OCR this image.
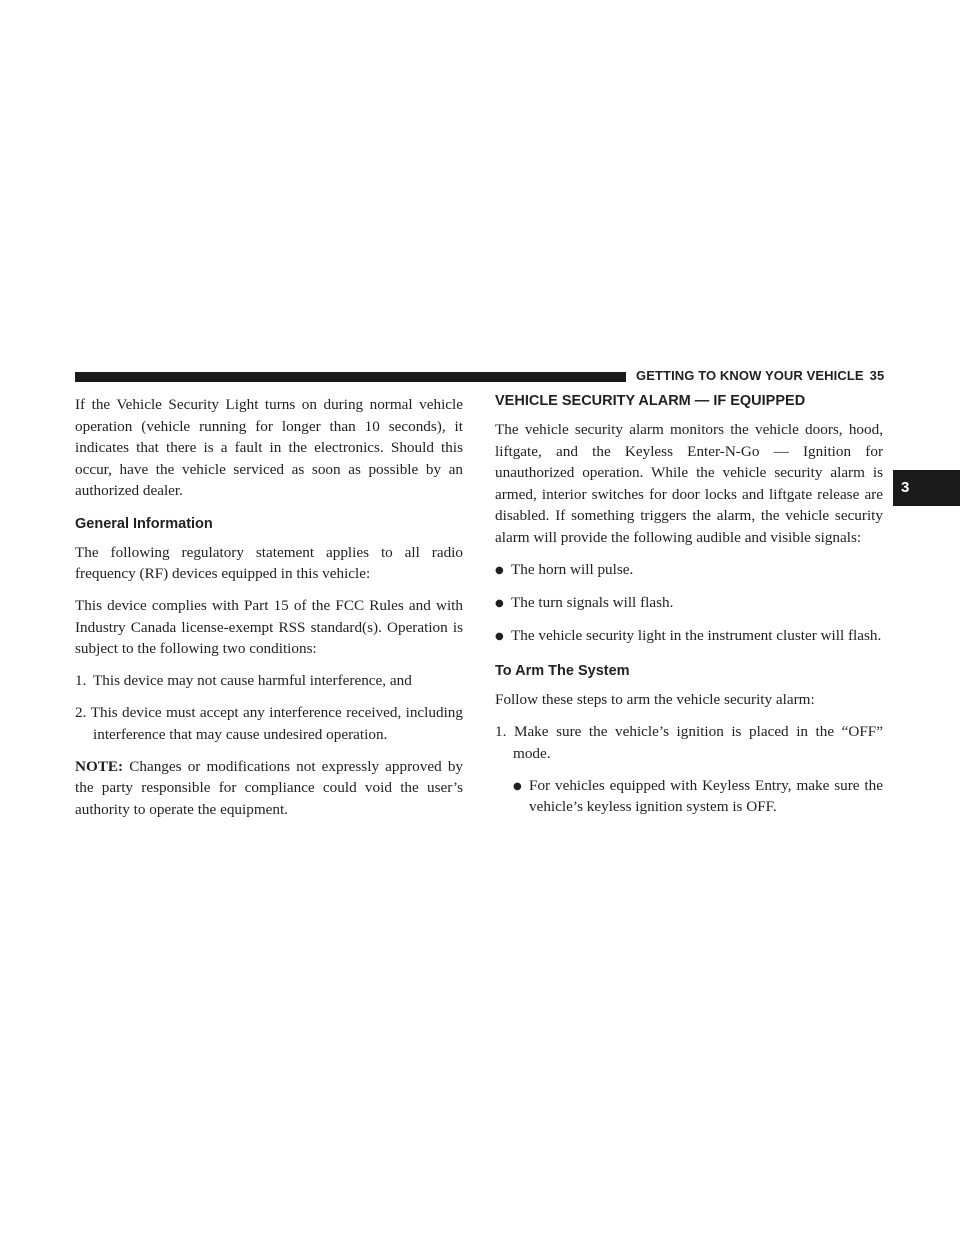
GETTING TO KNOW YOUR VEHICLE 35
3

If the Vehicle Security Light turns on during normal vehicle operation (vehicle running for longer than 10 seconds), it indicates that there is a fault in the electronics. Should this occur, have the vehicle serviced as soon as possible by an authorized dealer.

General Information

The following regulatory statement applies to all radio frequency (RF) devices equipped in this vehicle:

This device complies with Part 15 of the FCC Rules and with Industry Canada license-exempt RSS standard(s). Operation is subject to the following two conditions:

1. This device may not cause harmful interference, and
2. This device must accept any interference received, including interference that may cause undesired operation.

NOTE: Changes or modifications not expressly approved by the party responsible for compliance could void the user’s authority to operate the equipment.

VEHICLE SECURITY ALARM — IF EQUIPPED

The vehicle security alarm monitors the vehicle doors, hood, liftgate, and the Keyless Enter-N-Go — Ignition for unauthorized operation. While the vehicle security alarm is armed, interior switches for door locks and liftgate release are disabled. If something triggers the alarm, the vehicle security alarm will provide the following audible and visible signals:

● The horn will pulse.
● The turn signals will flash.
● The vehicle security light in the instrument cluster will flash.
To Arm The System

Follow these steps to arm the vehicle security alarm:

1. Make sure the vehicle’s ignition is placed in the “OFF” mode.
● For vehicles equipped with Keyless Entry, make sure the vehicle’s keyless ignition system is OFF.
